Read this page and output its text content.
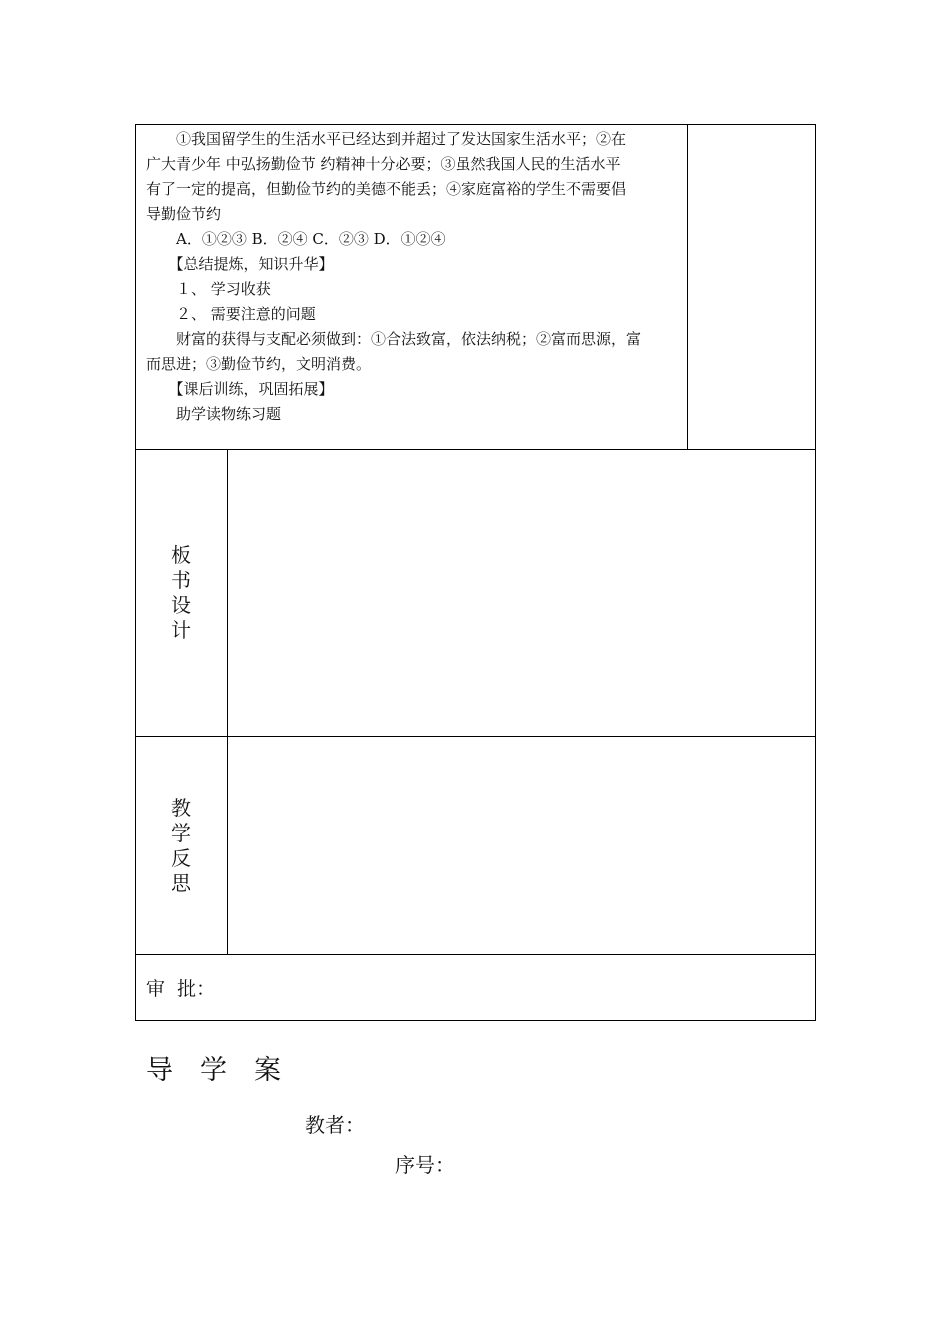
　　①我国留学生的生活水平已经达到并超过了发达国家生活水平；②在
广大青少年 中弘扬勤俭节 约精神十分必要；③虽然我国人民的生活水平
有了一定的提高，但勤俭节约的美德不能丢；④家庭富裕的学生不需要倡
导勤俭节约
　　A．①②③ B．②④ C．②③ D．①②④
　　【总结提炼，知识升华】
　　１、 学习收获
　　２、 需要注意的问题
　　财富的获得与支配必须做到：①合法致富，依法纳税；②富而思源，富
而思进；③勤俭节约，文明消费。
　　【课后训练，巩固拓展】
　　助学读物练习题
板
书
设
计
教
学
反
思
审  批：
导　学　案
教者：
序号：
